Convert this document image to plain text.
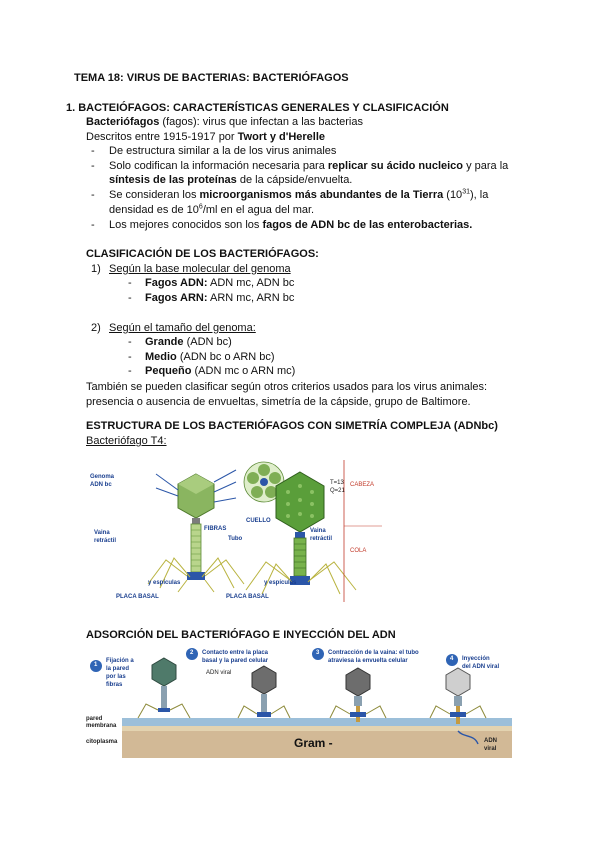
TEMA 18: VIRUS DE BACTERIAS: BACTERIÓFAGOS
1. BACTEIÓFAGOS: CARACTERÍSTICAS GENERALES Y CLASIFICACIÓN
Bacteriófagos (fagos): virus que infectan a las bacterias
Descritos entre 1915-1917 por Twort y d'Herelle
- De estructura similar a la de los virus animales
- Solo codifican la información necesaria para replicar su ácido nucleico y para la
síntesis de las proteínas de la cápside/envuelta.
- Se consideran los microorganismos más abundantes de la Tierra $(10^{31})$, la
densidad es de $10^6/ml$ en el agua del mar.
- Los mejores conocidos son los fagos de ADN bc de las enterobacterias.
CLASIFICACIÓN DE LOS BACTERIÓFAGOS:
1) Según la base molecular del genoma
- Fagos ADN: ADN mc, ADN bc
- Fagos ARN: ARN mc, ARN bc
2) Según el tamaño del genoma:
- Grande (ADN bc)
- Medio (ADN bc o ARN bc)
- Pequeño (ADN mc o ARN mc)
También se pueden clasificar según otros criterios usados para los virus animales:
presencia o ausencia de envueltas, simetría de la cápside, grupo de Baltimore.
ESTRUCTURA DE LOS BACTERIÓFAGOS CON SIMETRÍA COMPLEJA (ADNbc)
Bacteriófago T4:
Genoma
ADN bc	T=13
Q=21
CABEZA
COLA
CUELLO
FIBRAS
Vaina
retráctil	Tubo
Vaina
retráctil
y espículas	y espículas
PLACA BASAL	PLACA BASAL
ADSORCIÓN DEL BACTERIÓFAGO E INYECCIÓN DEL ADN
1
2	3
4
Fijación a
la pared
por las
fibras
Contacto entre la placa
basal y la pared celular
ADN viral
Contracción de la vaina: el tubo
atraviesa la envuelta celular	Inyección
del ADN viral
pared
membrana
citoplasma	Gram -	ADN
viral
